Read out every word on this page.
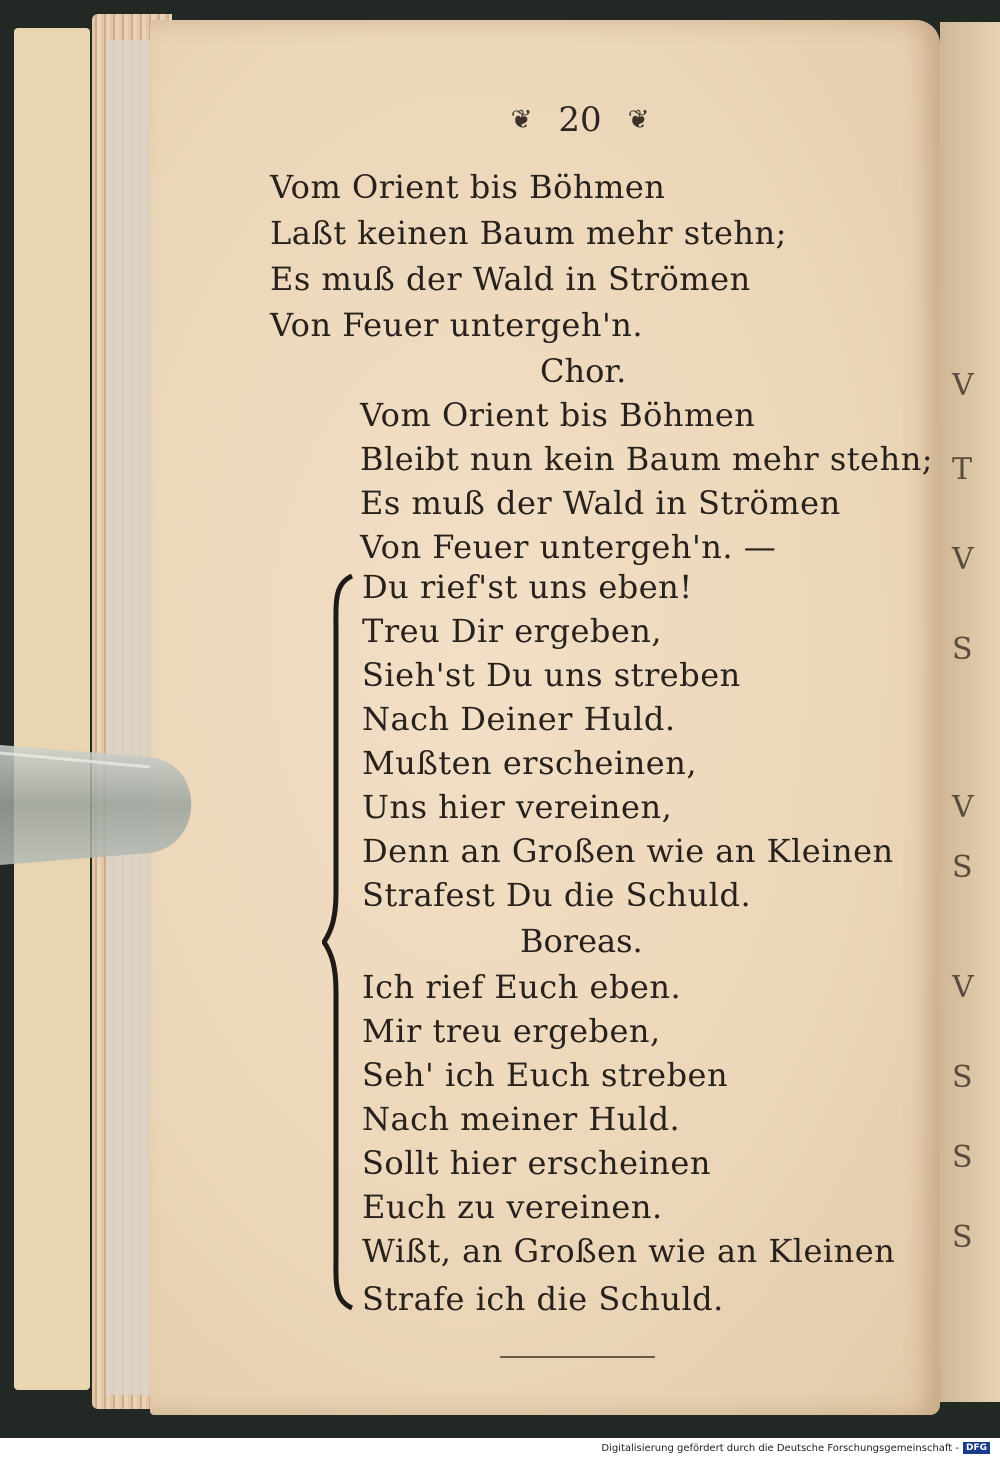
❦ 20 ❦
Vom Orient bis Böhmen
Laßt keinen Baum mehr stehn;
Es muß der Wald in Strömen
Von Feuer untergeh'n.
Chor.
Vom Orient bis Böhmen
Bleibt nun kein Baum mehr stehn;
Es muß der Wald in Strömen
Von Feuer untergeh'n. —
Du rief'st uns eben!
Treu Dir ergeben,
Sieh'st Du uns streben
Nach Deiner Huld.
Mußten erscheinen,
Uns hier vereinen,
Denn an Großen wie an Kleinen
Strafest Du die Schuld.
Boreas.
Ich rief Euch eben.
Mir treu ergeben,
Seh' ich Euch streben
Nach meiner Huld.
Sollt hier erscheinen
Euch zu vereinen.
Wißt, an Großen wie an Kleinen
Strafe ich die Schuld.
V
T
V
S
V
S
V
S
S
S
Digitalisierung gefördert durch die Deutsche Forschungsgemeinschaft - DFG
